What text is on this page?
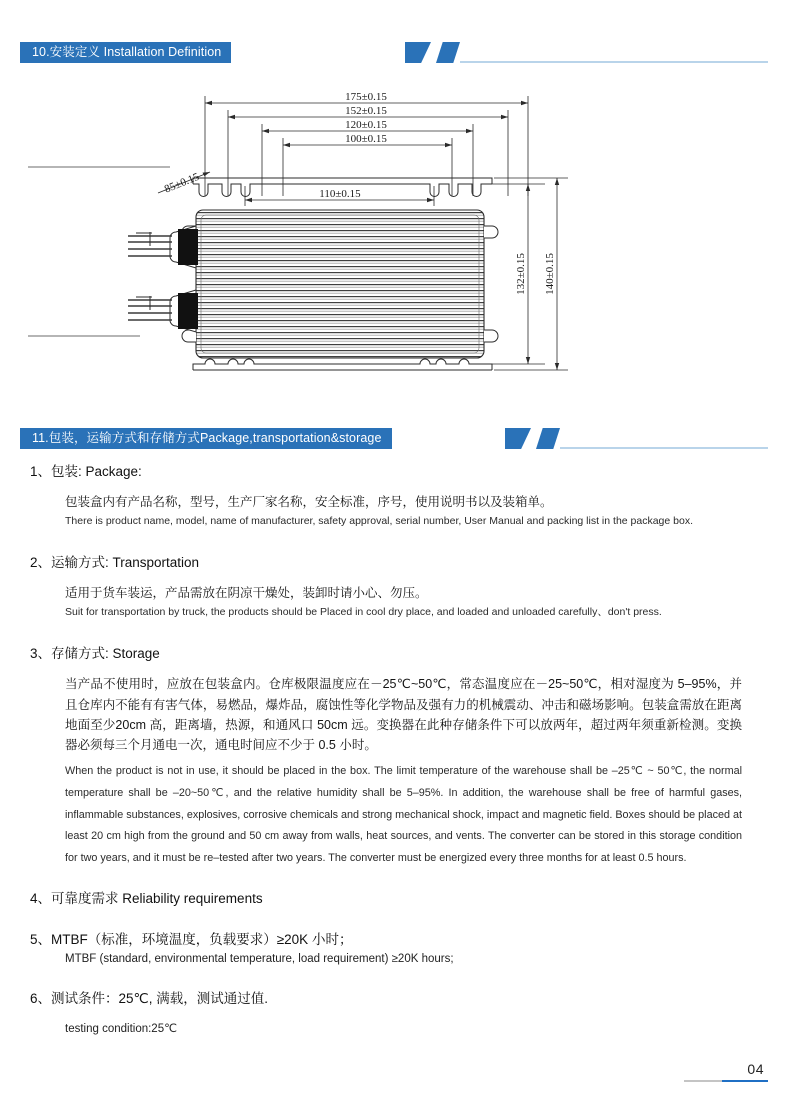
10.安装定义 Installation Definition
175±0.15
152±0.15
120±0.15
100±0.15
110±0.15
85±0.15
132±0.15 140±0.15
11.包装，运输方式和存储方式Package,transportation&storage
1、包装: Package:
包装盒内有产品名称，型号，生产厂家名称，安全标准，序号，使用说明书以及装箱单。
There is product name, model, name of manufacturer, safety approval, serial number, User Manual and packing list in the package box.
2、运输方式: Transportation
适用于货车装运，产品需放在阴凉干燥处，装卸时请小心、勿压。
Suit for transportation by truck, the products should be Placed in cool dry place, and loaded and unloaded carefully、don't press.
3、存储方式: Storage
当产品不使用时，应放在包装盒内。仓库极限温度应在－25℃~50℃，常态温度应在－25~50℃，相对湿度为 5–95%，并且仓库内不能有有害气体，易燃品，爆炸品，腐蚀性等化学物品及强有力的机械震动、冲击和磁场影响。包装盒需放在距离地面至少20cm 高，距离墙，热源，和通风口 50cm 远。变换器在此种存储条件下可以放两年，超过两年须重新检测。变换器必须每三个月通电一次，通电时间应不少于 0.5 小时。
When the product is not in use, it should be placed in the box. The limit temperature of the warehouse shall be –25℃ ~ 50℃, the normal temperature shall be –20~50℃, and the relative humidity shall be 5–95%. In addition, the warehouse shall be free of harmful gases, inflammable substances, explosives, corrosive chemicals and strong mechanical shock, impact and magnetic field. Boxes should be placed at least 20 cm high from the ground and 50 cm away from walls, heat sources, and vents. The converter can be stored in this storage condition for two years, and it must be re–tested after two years. The converter must be energized every three months for at least 0.5 hours.
4、可靠度需求 Reliability requirements
5、MTBF（标准，环境温度，负载要求）≥20K 小时；
MTBF (standard, environmental temperature, load requirement) ≥20K hours;
6、测试条件：25℃, 满载，测试通过值.
testing condition:25℃
04
